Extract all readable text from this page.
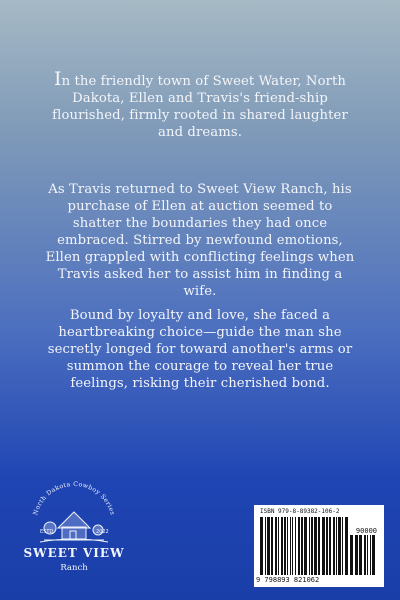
In the friendly town of Sweet Water, North Dakota, Ellen and Travis's friend-ship flourished, firmly rooted in shared laughter and dreams.

As Travis returned to Sweet View Ranch, his purchase of Ellen at auction seemed to shatter the boundaries they had once embraced. Stirred by newfound emotions, Ellen grappled with conflicting feelings when Travis asked her to assist him in finding a wife.

Bound by loyalty and love, she faced a heartbreaking choice—guide the man she secretly longed for toward another's arms or summon the courage to reveal her true feelings, risking their cherished bond.

North Dakota Cowboy Series
ESTD	2022
SWEET VIEW
Ranch
ISBN 979-8-89382-106-2
90000
9 798893 821062
